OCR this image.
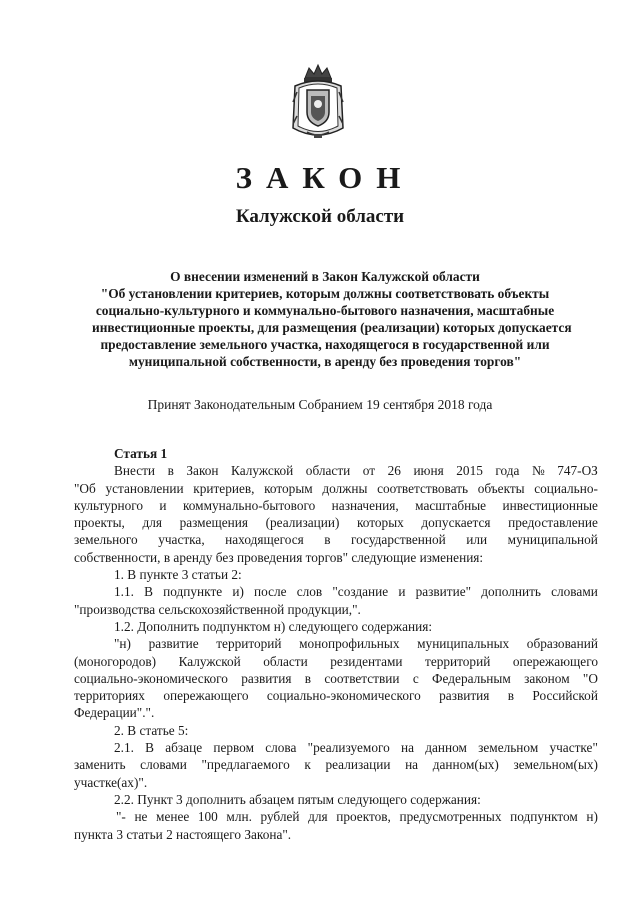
ЗАКОН
Калужской области
О внесении изменений в Закон Калужской области
"Об установлении критериев, которым должны соответствовать объекты
социально-культурного и коммунально-бытового назначения, масштабные
инвестиционные проекты, для размещения (реализации) которых допускается
предоставление земельного участка, находящегося в государственной или
муниципальной собственности, в аренду без проведения торгов"
Принят Законодательным Собранием 19 сентября 2018 года
Статья 1
Внести в Закон Калужской области от 26 июня 2015 года № 747-ОЗ
"Об установлении критериев, которым должны соответствовать объекты социально-
культурного и коммунально-бытового назначения, масштабные инвестиционные
проекты, для размещения (реализации) которых допускается предоставление
земельного участка, находящегося в государственной или муниципальной
собственности, в аренду без проведения торгов" следующие изменения:
1. В пункте 3 статьи 2:
1.1. В подпункте и) после слов "создание и развитие" дополнить словами
"производства сельскохозяйственной продукции,".
1.2. Дополнить подпунктом н) следующего содержания:
"н) развитие территорий монопрофильных муниципальных образований
(моногородов) Калужской области резидентами территорий опережающего
социально-экономического развития в соответствии с Федеральным законом "О
территориях опережающего социально-экономического развития в Российской
Федерации".".
2. В статье 5:
2.1. В абзаце первом слова "реализуемого на данном земельном участке"
заменить словами "предлагаемого к реализации на данном(ых) земельном(ых)
участке(ах)".
2.2. Пункт 3 дополнить абзацем пятым следующего содержания:
"- не менее 100 млн. рублей для проектов, предусмотренных подпунктом н)
пункта 3 статьи 2 настоящего Закона".
